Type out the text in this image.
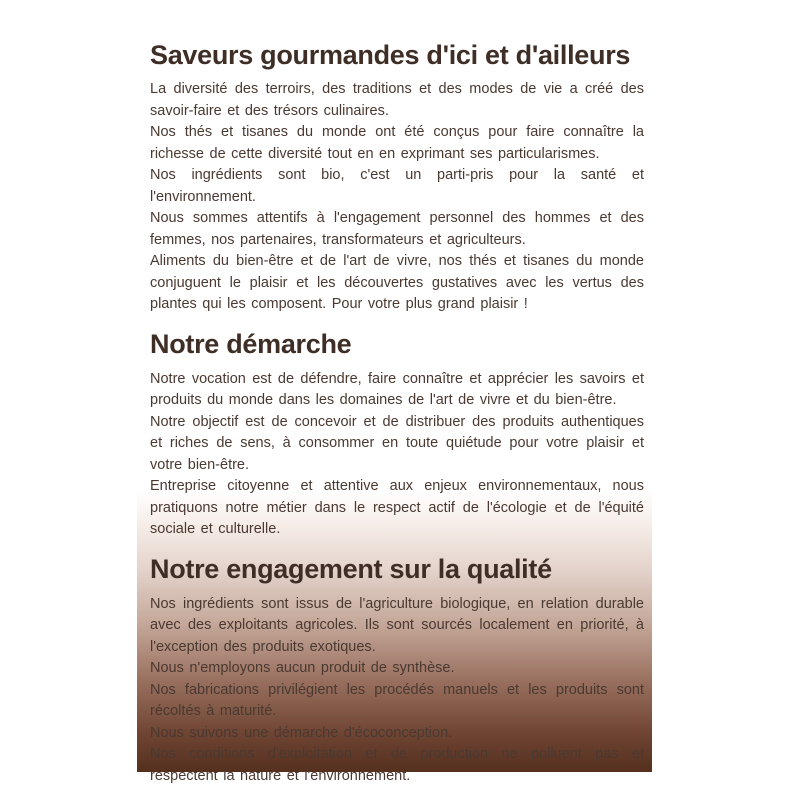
Saveurs gourmandes d'ici et d'ailleurs

La diversité des terroirs, des traditions et des modes de vie a créé des savoir-faire et des trésors culinaires.

Nos thés et tisanes du monde ont été conçus pour faire connaître la richesse de cette diversité tout en en exprimant ses particularismes.

Nos ingrédients sont bio, c'est un parti-pris pour la santé et l'environnement.

Nous sommes attentifs à l'engagement personnel des hommes et des femmes, nos partenaires, transformateurs et agriculteurs.

Aliments du bien-être et de l'art de vivre, nos thés et tisanes du monde conjuguent le plaisir et les découvertes gustatives avec les vertus des plantes qui les composent. Pour votre plus grand plaisir !

Notre démarche

Notre vocation est de défendre, faire connaître et apprécier les savoirs et produits du monde dans les domaines de l'art de vivre et du bien-être.

Notre objectif est de concevoir et de distribuer des produits authentiques et riches de sens, à consommer en toute quiétude pour votre plaisir et votre bien-être.

Entreprise citoyenne et attentive aux enjeux environnementaux, nous pratiquons notre métier dans le respect actif de l'écologie et de l'équité sociale et culturelle.

Notre engagement sur la qualité

Nos ingrédients sont issus de l'agriculture biologique, en relation durable avec des exploitants agricoles. Ils sont sourcés localement en priorité, à l'exception des produits exotiques.

Nous n'employons aucun produit de synthèse.

Nos fabrications privilégient les procédés manuels et les produits sont récoltés à maturité.

Nous suivons une démarche d'écoconception.

Nos conditions d'exploitation et de production ne polluent pas et respectent la nature et l'environnement.
